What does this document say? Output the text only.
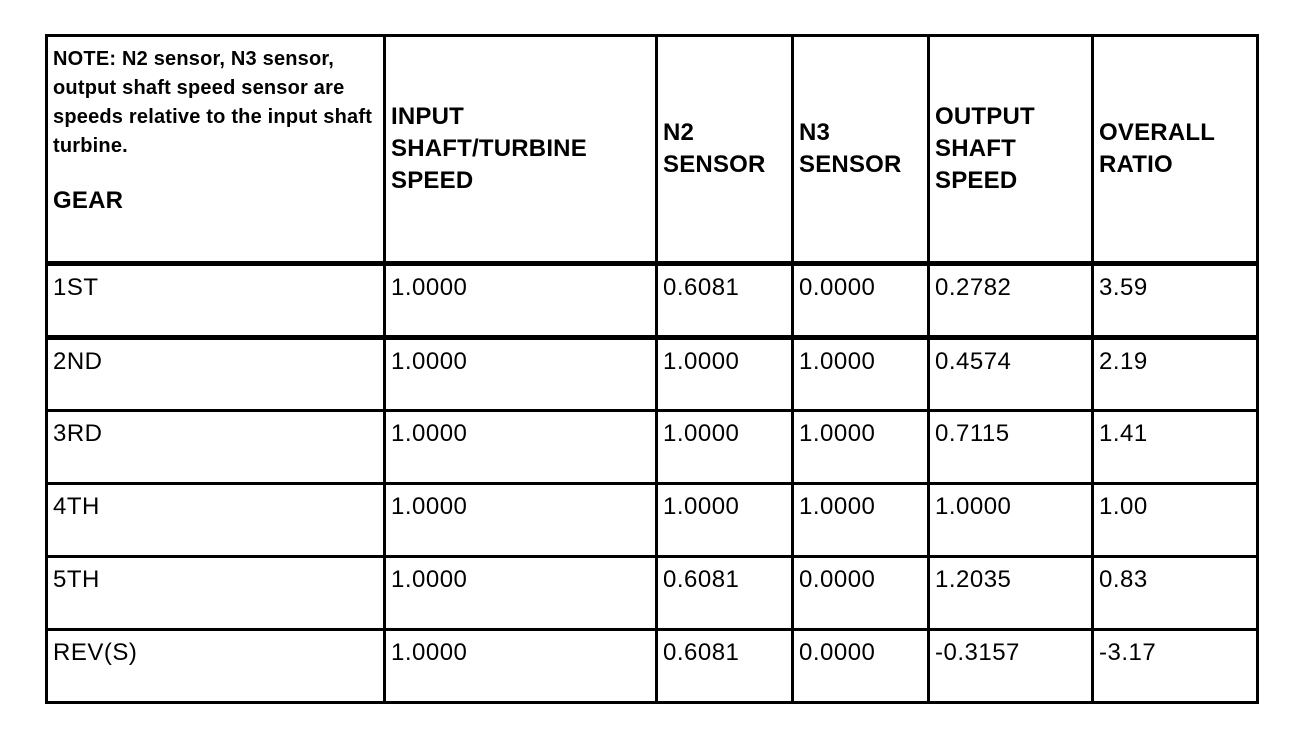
NOTE: N2 sensor, N3 sensor, output shaft speed sensor are speeds relative to the input shaft turbine.
GEAR	INPUT SHAFT/TURBINE SPEED	N2 SENSOR	N3 SENSOR	OUTPUT SHAFT SPEED	OVERALL RATIO
1ST	1.0000	0.6081	0.0000	0.2782	3.59
2ND	1.0000	1.0000	1.0000	0.4574	2.19
3RD	1.0000	1.0000	1.0000	0.7115	1.41
4TH	1.0000	1.0000	1.0000	1.0000	1.00
5TH	1.0000	0.6081	0.0000	1.2035	0.83
REV(S)	1.0000	0.6081	0.0000	-0.3157	-3.17
